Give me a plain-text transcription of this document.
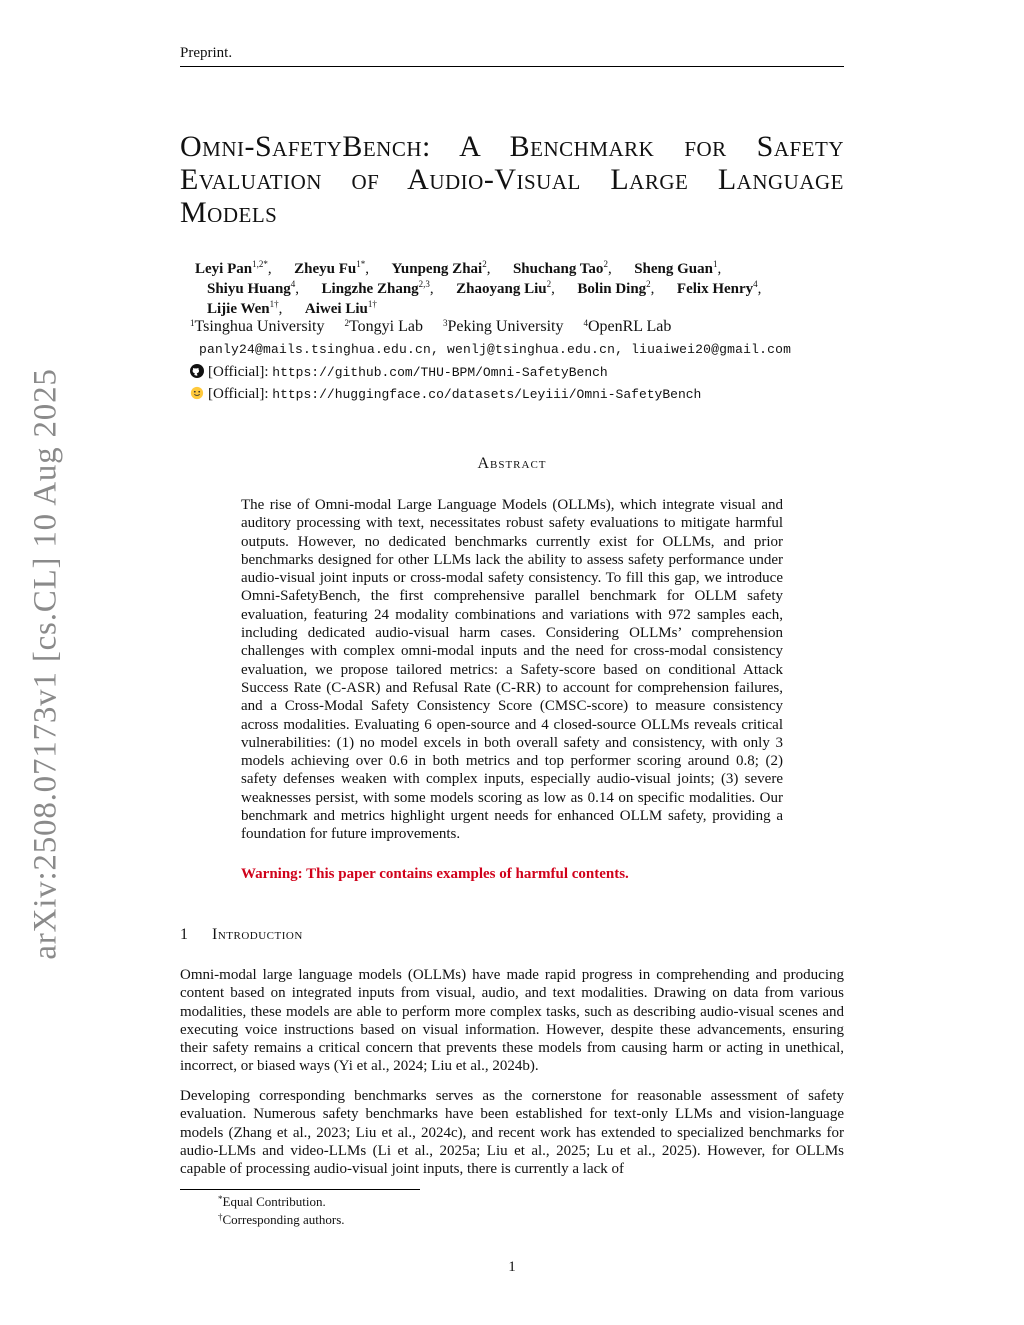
Preprint.
Omni-SafetyBench: A Benchmark for Safety Evaluation of Audio-Visual Large Language Models
Leyi Pan$^{1,2*}$,      Zheyu $Fu^{1*}$,      Yunpeng Zhai$^2$,      Shuchang Tao$^2$,      Sheng Guan$^1$,
Shiyu Huang$^4$,      Lingzhe Zhang$^{2,3}$,      Zhaoyang Liu$^2$,      Bolin Ding$^2$,      Felix Henry$^4$,
Lijie Wen$^{1\dagger}$,      Aiwei Liu$^{1\dagger}$
$^1$Tsinghua University $^2$Tongyi Lab $^3$Peking University $^4$OpenRL Lab
panly24@mails.tsinghua.edu.cn, wenlj@tsinghua.edu.cn, liuaiwei20@gmail.com
[Official]: https://github.com/THU-BPM/Omni-SafetyBench
[Official]: https://huggingface.co/datasets/Leyiii/Omni-SafetyBench
Abstract
The rise of Omni-modal Large Language Models (OLLMs), which integrate visual and auditory processing with text, necessitates robust safety evaluations to mitigate harmful outputs. However, no dedicated benchmarks currently exist for OLLMs, and prior benchmarks designed for other LLMs lack the ability to assess safety performance under audio-visual joint inputs or cross-modal safety consistency. To fill this gap, we introduce Omni-SafetyBench, the first comprehensive parallel benchmark for OLLM safety evaluation, featuring 24 modality combinations and variations with 972 samples each, including dedicated audio-visual harm cases. Considering OLLMs’ comprehension challenges with complex omni-modal inputs and the need for cross-modal consistency evaluation, we propose tailored metrics: a Safety-score based on conditional Attack Success Rate (C-ASR) and Refusal Rate (C-RR) to account for comprehension failures, and a Cross-Modal Safety Consistency Score (CMSC-score) to measure consistency across modalities. Evaluating 6 open-source and 4 closed-source OLLMs reveals critical vulnerabilities: (1) no model excels in both overall safety and consistency, with only 3 models achieving over 0.6 in both metrics and top performer scoring around 0.8; (2) safety defenses weaken with complex inputs, especially audio-visual joints; (3) severe weaknesses persist, with some models scoring as low as 0.14 on specific modalities. Our benchmark and metrics highlight urgent needs for enhanced OLLM safety, providing a foundation for future improvements.
Warning: This paper contains examples of harmful contents.
1 Introduction
Omni-modal large language models (OLLMs) have made rapid progress in comprehending and producing content based on integrated inputs from visual, audio, and text modalities. Drawing on data from various modalities, these models are able to perform more complex tasks, such as describing audio-visual scenes and executing voice instructions based on visual information. However, despite these advancements, ensuring their safety remains a critical concern that prevents these models from causing harm or acting in unethical, incorrect, or biased ways (Yi et al., 2024; Liu et al., 2024b).
Developing corresponding benchmarks serves as the cornerstone for reasonable assessment of safety evaluation. Numerous safety benchmarks have been established for text-only LLMs and vision-language models (Zhang et al., 2023; Liu et al., 2024c), and recent work has extended to specialized benchmarks for audio-LLMs and video-LLMs (Li et al., 2025a; Liu et al., 2025; Lu et al., 2025). However, for OLLMs capable of processing audio-visual joint inputs, there is currently a lack of
*Equal Contribution.
†Corresponding authors.
1
arXiv:2508.07173v1 [cs.CL] 10 Aug 2025
